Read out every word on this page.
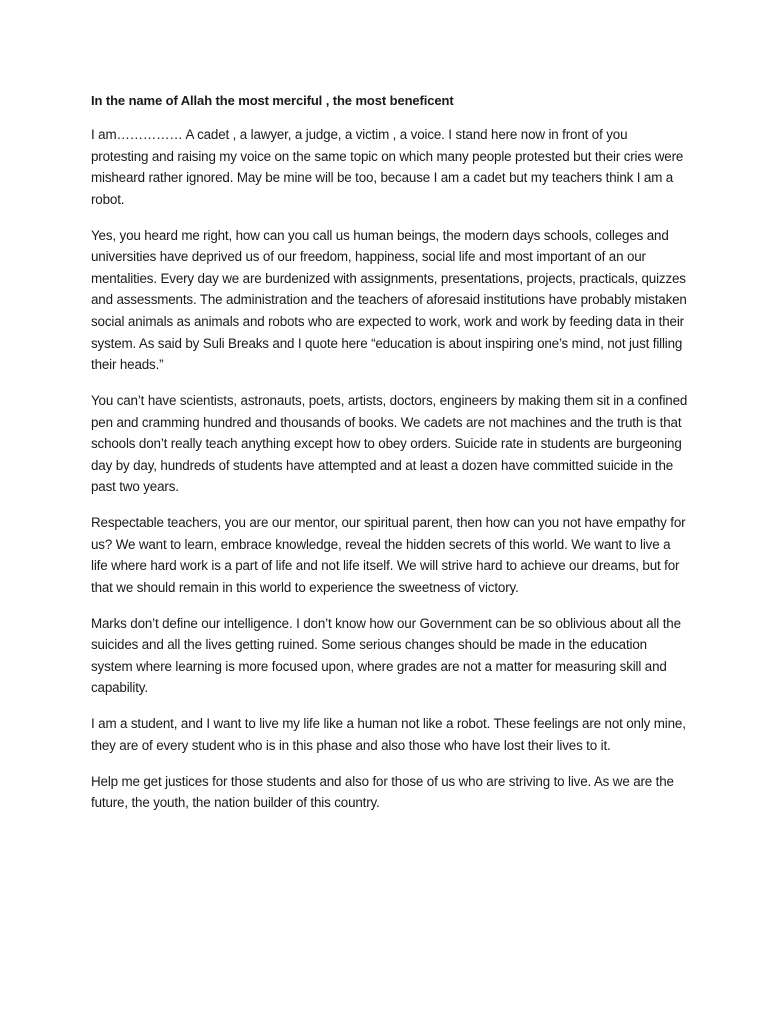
In the name of Allah the most merciful , the most beneficent

I am…………… A cadet , a lawyer, a judge, a victim , a voice. I stand here now in front of you protesting and raising my voice on the same topic on which many people protested but their cries were misheard rather ignored. May be mine will be too, because I am a cadet but my teachers think I am a robot.

Yes, you heard me right, how can you call us human beings, the modern days schools, colleges and universities have deprived us of our freedom, happiness, social life and most important of an our mentalities. Every day we are burdenized with assignments, presentations, projects, practicals, quizzes and assessments. The administration and the teachers of aforesaid institutions have probably mistaken social animals as animals and robots who are expected to work, work and work by feeding data in their system. As said by Suli Breaks and I quote here “education is about inspiring one’s mind, not just filling their heads.”

You can’t have scientists, astronauts, poets, artists, doctors, engineers by making them sit in a confined pen and cramming hundred and thousands of books. We cadets are not machines and the truth is that schools don’t really teach anything except how to obey orders. Suicide rate in students are burgeoning day by day, hundreds of students have attempted and at least a dozen have committed suicide in the past two years.

Respectable teachers, you are our mentor, our spiritual parent, then how can you not have empathy for us? We want to learn, embrace knowledge, reveal the hidden secrets of this world. We want to live a life where hard work is a part of life and not life itself. We will strive hard to achieve our dreams, but for that we should remain in this world to experience the sweetness of victory.

Marks don’t define our intelligence. I don’t know how our Government can be so oblivious about all the suicides and all the lives getting ruined. Some serious changes should be made in the education system where learning is more focused upon, where grades are not a matter for measuring skill and capability.

I am a student, and I want to live my life like a human not like a robot. These feelings are not only mine, they are of every student who is in this phase and also those who have lost their lives to it.

Help me get justices for those students and also for those of us who are striving to live. As we are the future, the youth, the nation builder of this country.
